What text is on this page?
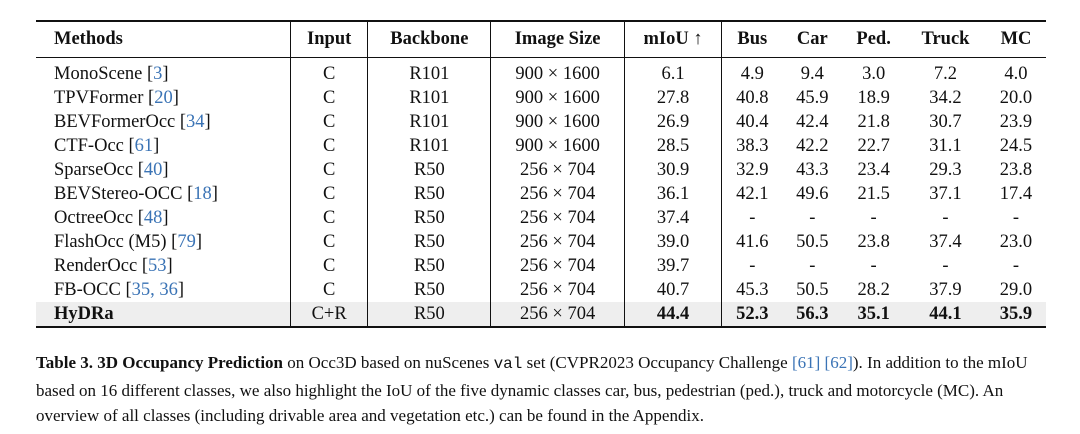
Methods	Input	Backbone	Image Size	mIoU ↑	Bus	Car	Ped.	Truck	MC
MonoScene [3]	C	R101	900 × 1600	6.1	4.9	9.4	3.0	7.2	4.0
TPVFormer [20]	C	R101	900 × 1600	27.8	40.8	45.9	18.9	34.2	20.0
BEVFormerOcc [34]	C	R101	900 × 1600	26.9	40.4	42.4	21.8	30.7	23.9
CTF-Occ [61]	C	R101	900 × 1600	28.5	38.3	42.2	22.7	31.1	24.5
SparseOcc [40]	C	R50	256 × 704	30.9	32.9	43.3	23.4	29.3	23.8
BEVStereo-OCC [18]	C	R50	256 × 704	36.1	42.1	49.6	21.5	37.1	17.4
OctreeOcc [48]	C	R50	256 × 704	37.4	-	-	-	-	-
FlashOcc (M5) [79]	C	R50	256 × 704	39.0	41.6	50.5	23.8	37.4	23.0
RenderOcc [53]	C	R50	256 × 704	39.7	-	-	-	-	-
FB-OCC [35, 36]	C	R50	256 × 704	40.7	45.3	50.5	28.2	37.9	29.0
HyDRa	C+R	R50	256 × 704	44.4	52.3	56.3	35.1	44.1	35.9
Table 3. 3D Occupancy Prediction on Occ3D based on nuScenes val set (CVPR2023 Occupancy Challenge [61] [62]). In addition to the mIoU based on 16 different classes, we also highlight the IoU of the five dynamic classes car, bus, pedestrian (ped.), truck and motorcycle (MC). An overview of all classes (including drivable area and vegetation etc.) can be found in the Appendix.
